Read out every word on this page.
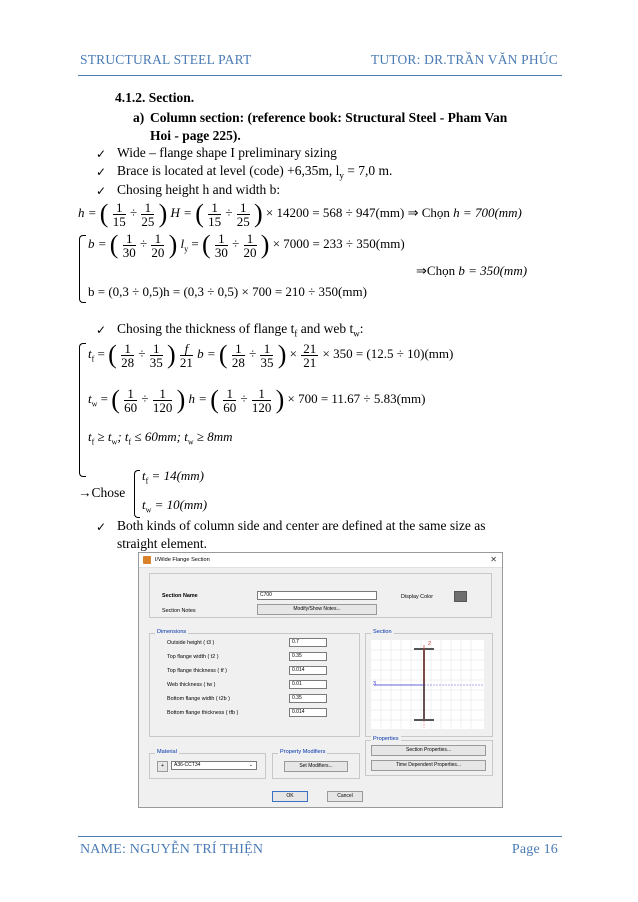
STRUCTURAL STEEL PART	TUTOR: DR.TRẦN VĂN PHÚC
4.1.2. Section.
a) Column section: (reference book: Structural Steel - Pham Van
Hoi - page 225).
✓ Wide – flange shape I preliminary sizing
✓ Brace is located at level (code) +6,35m, $l_y = 7,0$ m.
✓ Chosing height h and width b:
h = ( $\frac{1}{15} \div \frac{1}{25}$ ) H = ( $\frac{1}{15} \div \frac{1}{25}$ ) × 14200 = 568 ÷ 947(mm) ⇒ Chọn h = 700(mm)
b = ( $\frac{1}{30} \div \frac{1}{20}$ ) $l_y$ = ( $\frac{1}{30} \div \frac{1}{20}$ ) × 7000 = 233 ÷ 350(mm)
⇒Chọn b = 350(mm)
b = (0,3 ÷ 0,5)h = (0,3 ÷ 0,5) × 700 = 210 ÷ 350(mm)
✓ Chosing the thickness of flange $t_f$ and web $t_w$:
$t_f$ = ( $\frac{1}{28} \div \frac{1}{35}$ ) $\frac{f}{21}$ b = ( $\frac{1}{28} \div \frac{1}{35}$ ) × $\frac{21}{21} \times 350 = (12.5 \div 10)(mm)$
$t_w$ = ( $\frac{1}{60} \div \frac{1}{120}$ ) h = ( $\frac{1}{60} \div \frac{1}{120}$ ) × 700 = 11.67 ÷ 5.83(mm)
$t_f \ge t_w$; $t_f \le 60mm$; $t_w \ge 8mm$
→Chose
$t_f = 14(mm)$
$t_w = 10(mm)$
✓ Both kinds of column side and center are defined at the same size as
straight element.
I/Wide Flange Section	✕
Section Name	C700
Section Notes	Modify/Show Notes...
Display Color
Dimensions
Outside height ( t3 )	0.7
Top flange width ( t2 )	0.35
Top flange thickness ( tf )	0.014
Web thickness ( tw )	0.01
Bottom flange width ( t2b )	0.35
Bottom flange thickness ( tfb )	0.014
Section
2
3
Properties
Section Properties...
Time Dependent Properties...
Material
+	A36-CCT34	⌄
Property Modifiers
Set Modifiers...
OK	Cancel
NAME: NGUYỄN TRÍ THIỆN	Page 16
